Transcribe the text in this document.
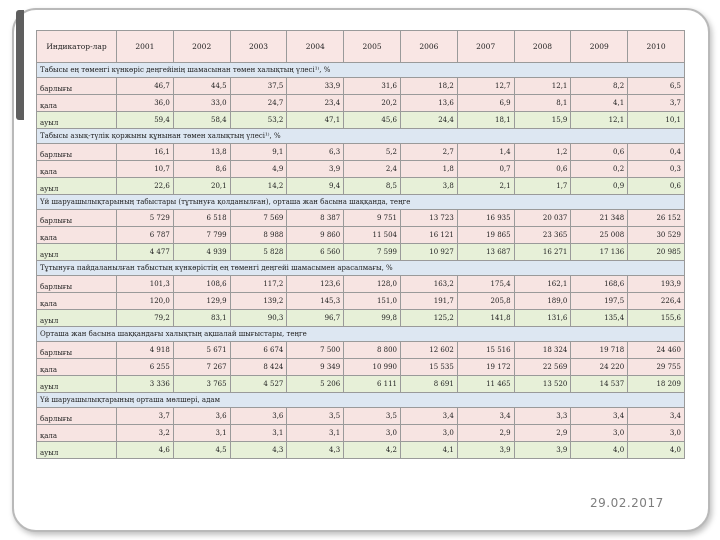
Индикатор-лар	2001	2002	2003	2004	2005	2006	2007	2008	2009	2010
Табысы ең төменгі күнкөріс деңгейінің шамасынан төмен халықтың үлесі¹⁾, %										
барлығы	46,7	44,5	37,5	33,9	31,6	18,2	12,7	12,1	8,2	6,5
қала	36,0	33,0	24,7	23,4	20,2	13,6	6,9	8,1	4,1	3,7
ауыл	59,4	58,4	53,2	47,1	45,6	24,4	18,1	15,9	12,1	10,1
Табысы азық-түлік қоржыны құнынан төмен халықтың үлесі¹⁾, %										
барлығы	16,1	13,8	9,1	6,3	5,2	2,7	1,4	1,2	0,6	0,4
қала	10,7	8,6	4,9	3,9	2,4	1,8	0,7	0,6	0,2	0,3
ауыл	22,6	20,1	14,2	9,4	8,5	3,8	2,1	1,7	0,9	0,6
Үй шаруашылықтарының табыстары (тұтынуға қолданылған), орташа жан басына шаққанда, теңге										
барлығы	5 729	6 518	7 569	8 387	9 751	13 723	16 935	20 037	21 348	26 152
қала	6 787	7 799	8 988	9 860	11 504	16 121	19 865	23 365	25 008	30 529
ауыл	4 477	4 939	5 828	6 560	7 599	10 927	13 687	16 271	17 136	20 985
Тұтынуға пайдаланылған табыстың күнкөрістің ең төменгі деңгейі шамасымен арасалмағы, %										
барлығы	101,3	108,6	117,2	123,6	128,0	163,2	175,4	162,1	168,6	193,9
қала	120,0	129,9	139,2	145,3	151,0	191,7	205,8	189,0	197,5	226,4
ауыл	79,2	83,1	90,3	96,7	99,8	125,2	141,8	131,6	135,4	155,6
Орташа жан басына шаққандағы халықтың ақшалай шығыстары, теңге										
барлығы	4 918	5 671	6 674	7 500	8 800	12 602	15 516	18 324	19 718	24 460
қала	6 255	7 267	8 424	9 349	10 990	15 535	19 172	22 569	24 220	29 755
ауыл	3 336	3 765	4 527	5 206	6 111	8 691	11 465	13 520	14 537	18 209
Үй шаруашылықтарының орташа мөлшері, адам										
барлығы	3,7	3,6	3,6	3,5	3,5	3,4	3,4	3,3	3,4	3,4
қала	3,2	3,1	3,1	3,1	3,0	3,0	2,9	2,9	3,0	3,0
ауыл	4,6	4,5	4,3	4,3	4,2	4,1	3,9	3,9	4,0	4,0
29.02.2017
